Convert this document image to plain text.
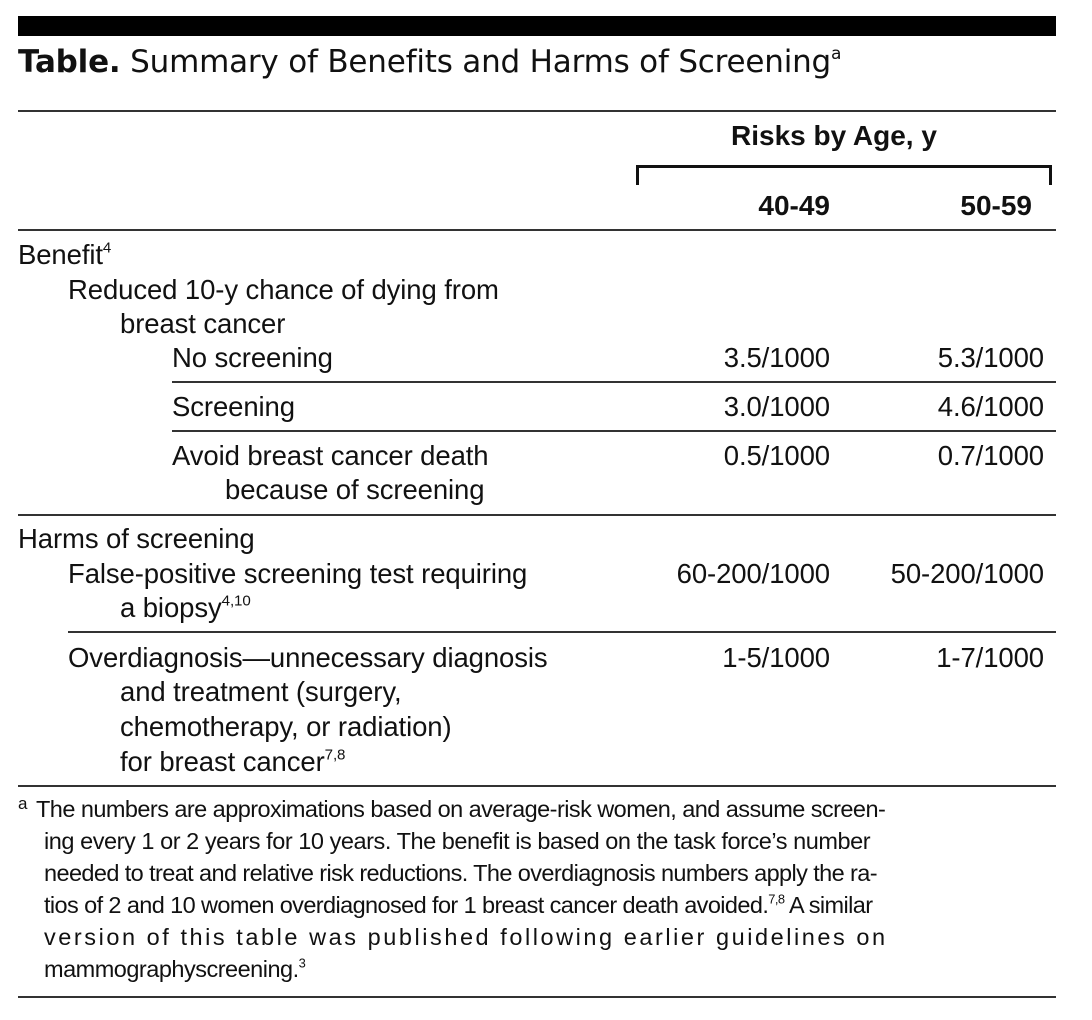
Table. Summary of Benefits and Harms of Screening$^a$
Risks by Age, y
40-49	50-59
Benefit$^4$
Reduced 10-y chance of dying from
breast cancer
No screening	3.5/1000	5.3/1000
Screening	3.0/1000	4.6/1000
Avoid breast cancer death
because of screening
0.5/1000	0.7/1000
Harms of screening
False-positive screening test requiring
a biopsy$^{4,10}$
60-200/1000 50-200/1000
Overdiagnosis—unnecessary diagnosis
and treatment (surgery,
chemotherapy, or radiation)
for breast cancer$^{7,8}$
1-5/1000	1-7/1000
a The numbers are approximations based on average-risk women, and assume screen-
ing every 1 or 2 years for 10 years. The benefit is based on the task force’s number
needed to treat and relative risk reductions. The overdiagnosis numbers apply the ra-
tios of 2 and 10 women overdiagnosed for 1 breast cancer death avoided.$^{7,8}$ A similar
version of this table was published following earlier guidelines on
mammographyscreening.$^3$
